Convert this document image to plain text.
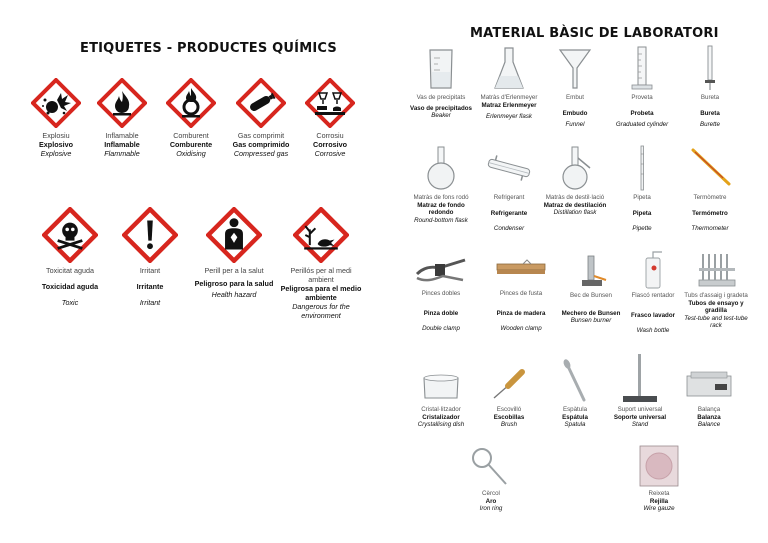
ETIQUETES - PRODUCTES QUÍMICS
Explosiu
Explosivo
Explosive
Inflamable
Inflamable
Flammable
Comburent
Comburente
Oxidising
Gas comprimit
Gas comprimido
Compressed gas
Corrosiu
Corrosivo
Corrosive
Toxicitat aguda
Toxicidad aguda
Toxic
Irritant
Irritante
Irritant
Perill per a la salut
Peligroso para la salud
Health hazard
Perillós per al medi ambient
Peligrosa para el medio ambiente
Dangerous for the environment
MATERIAL BÀSIC DE LABORATORI
Vas de precipitats
Vaso de precipitados
Beaker
Matràs d'Erlenmeyer
Matraz Erlenmeyer
Erlenmeyer flask
Embut
Embudo
Funnel
Proveta
Probeta
Graduated cylinder
Bureta
Bureta
Burette
Matràs de fons rodó
Matraz de fondo redondo
Round-bottom flask
Refrigerant
Refrigerante
Condenser
Matràs de destil·lació
Matraz de destilación
Distillation flask
Pipeta
Pipeta
Pipette
Termòmetre
Termómetro
Thermometer
Pinces dobles
Pinza doble
Double clamp
Pinces de fusta
Pinza de madera
Wooden clamp
Bec de Bunsen
Mechero de Bunsen
Bunsen burner
Flascó rentador
Frasco lavador
Wash bottle
Tubs d'assaig i gradeta
Tubos de ensayo y gradilla
Test-tube and test-tube rack
Cristal·litzador
Cristalizador
Crystallising dish
Escovilló
Escobillas
Brush
Espàtula
Espátula
Spatula
Suport universal
Soporte universal
Stand
Balança
Balanza
Balance
Cèrcol
Aro
Iron ring
Reixeta
Rejilla
Wire gauze
